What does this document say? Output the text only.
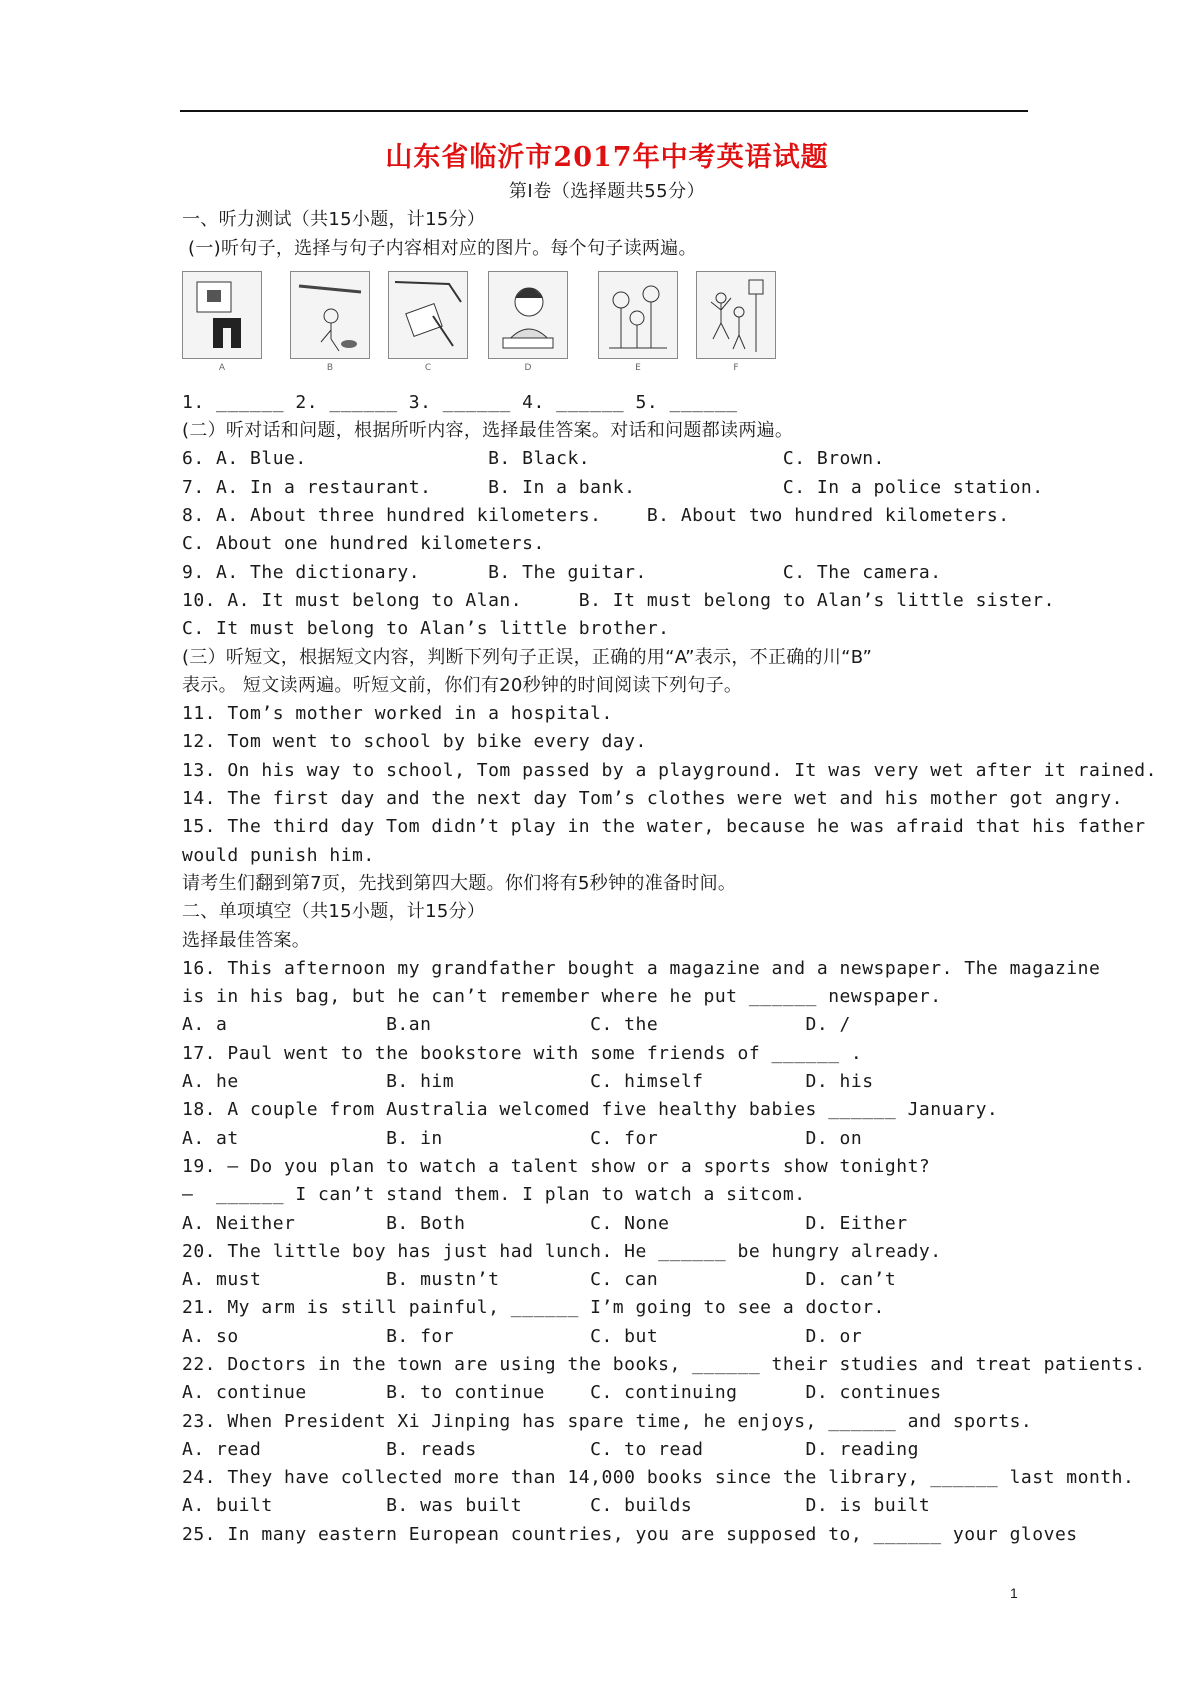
山东省临沂市2017年中考英语试题
第I卷（选择题共55分）
一、听力测试（共15小题，计15分）
(一)听句子，选择与句子内容相对应的图片。每个句子读两遍。
A	B	C	D	E	F
1. ______ 2. ______ 3. ______ 4. ______ 5. ______
(二）听对话和问题，根据所听内容，选择最佳答案。对话和问题都读两遍。
6. A. Blue.                B. Black.                 C. Brown.
7. A. In a restaurant.     B. In a bank.             C. In a police station.
8. A. About three hundred kilometers.    B. About two hundred kilometers.
C. About one hundred kilometers.
9. A. The dictionary.      B. The guitar.            C. The camera.
10. A. It must belong to Alan.     B. It must belong to Alan’s little sister.
C. It must belong to Alan’s little brother.
(三）听短文，根据短文内容，判断下列句子正误，正确的用“A”表示，不正确的川“B”
表示。 短文读两遍。听短文前，你们有20秒钟的时间阅读下列句子。
11. Tom’s mother worked in a hospital.
12. Tom went to school by bike every day.
13. On his way to school, Tom passed by a playground. It was very wet after it rained.
14. The first day and the next day Tom’s clothes were wet and his mother got angry.
15. The third day Tom didn’t play in the water, because he was afraid that his father
would punish him.
请考生们翻到第7页，先找到第四大题。你们将有5秒钟的准备时间。
二、单项填空（共15小题，计15分）
选择最佳答案。
16. This afternoon my grandfather bought a magazine and a newspaper. The magazine
is in his bag, but he can’t remember where he put ______ newspaper.
A. a              B.an              C. the             D. /
17. Paul went to the bookstore with some friends of ______ .
A. he             B. him            C. himself         D. his
18. A couple from Australia welcomed five healthy babies ______ January.
A. at             B. in             C. for             D. on
19. — Do you plan to watch a talent show or a sports show tonight?
—  ______ I can’t stand them. I plan to watch a sitcom.
A. Neither        B. Both           C. None            D. Either
20. The little boy has just had lunch. He ______ be hungry already.
A. must           B. mustn’t        C. can             D. can’t
21. My arm is still painful, ______ I’m going to see a doctor.
A. so             B. for            C. but             D. or
22. Doctors in the town are using the books, ______ their studies and treat patients.
A. continue       B. to continue    C. continuing      D. continues
23. When President Xi Jinping has spare time, he enjoys, ______ and sports.
A. read           B. reads          C. to read         D. reading
24. They have collected more than 14,000 books since the library, ______ last month.
A. built          B. was built      C. builds          D. is built
25. In many eastern European countries, you are supposed to, ______ your gloves
1
